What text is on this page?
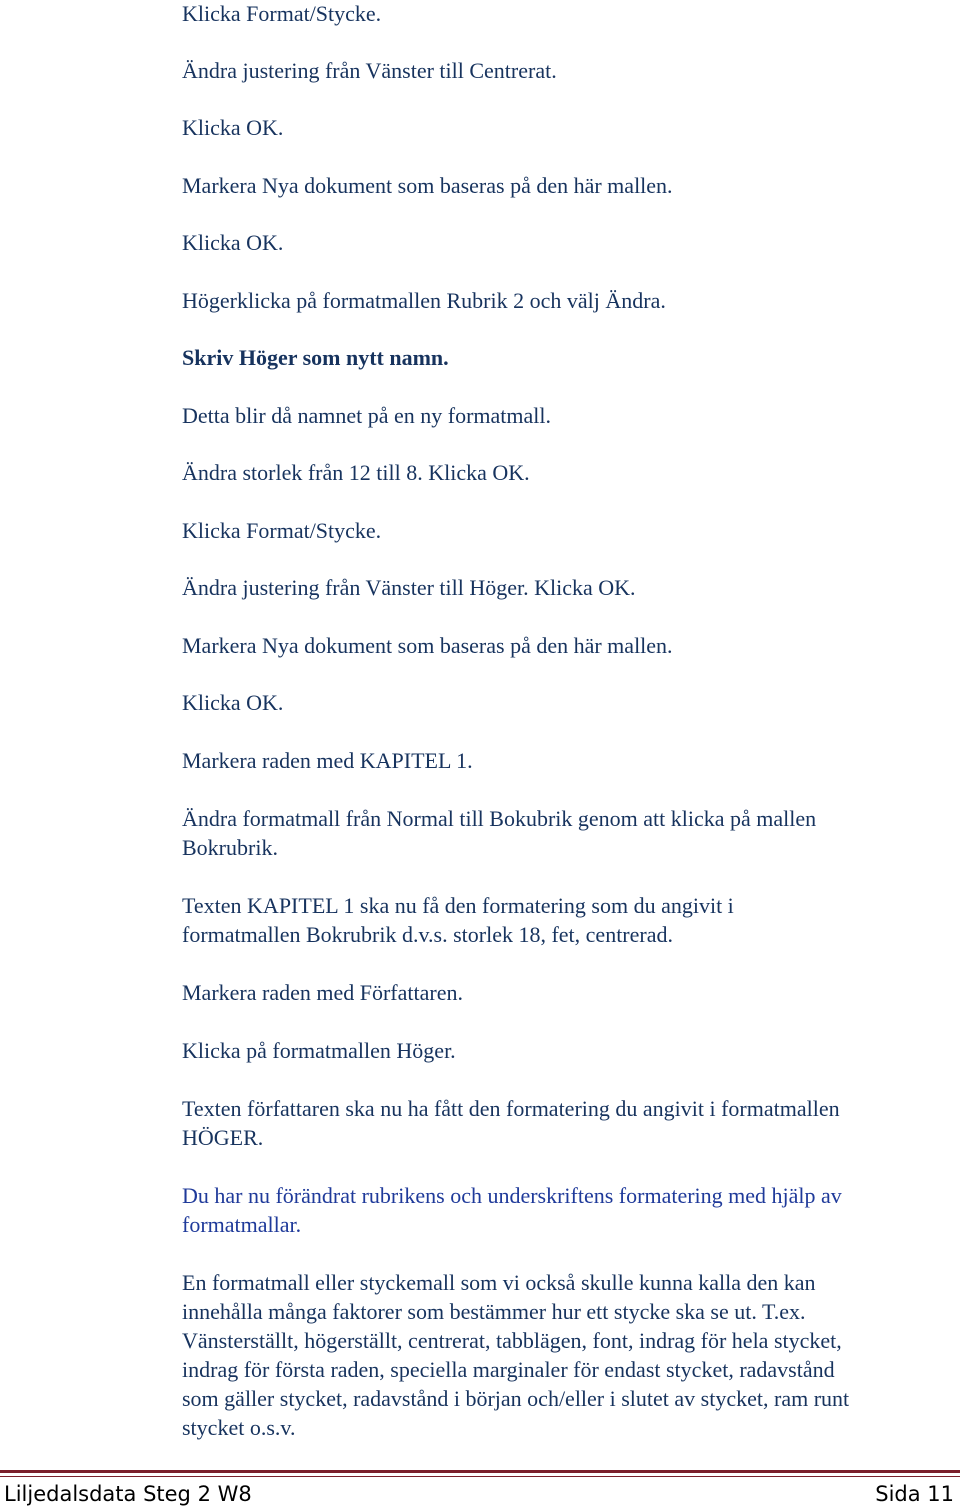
Klicka Format/Stycke.

Ändra justering från Vänster till Centrerat.

Klicka OK.

Markera Nya dokument som baseras på den här mallen.

Klicka OK.

Högerklicka på formatmallen Rubrik 2 och välj Ändra.

Skriv Höger som nytt namn.

Detta blir då namnet på en ny formatmall.

Ändra storlek från 12 till 8. Klicka OK.

Klicka Format/Stycke.

Ändra justering från Vänster till Höger. Klicka OK.

Markera Nya dokument som baseras på den här mallen.

Klicka OK.

Markera raden med KAPITEL 1.

Ändra formatmall från Normal till Bokubrik genom att klicka på mallen

Bokrubrik.

Texten KAPITEL 1 ska nu få den formatering som du angivit i

formatmallen Bokrubrik d.v.s. storlek 18, fet, centrerad.

Markera raden med Författaren.

Klicka på formatmallen Höger.

Texten författaren ska nu ha fått den formatering du angivit i formatmallen

HÖGER.

Du har nu förändrat rubrikens och underskriftens formatering med hjälp av

formatmallar.

En formatmall eller styckemall som vi också skulle kunna kalla den kan

innehålla många faktorer som bestämmer hur ett stycke ska se ut. T.ex.

Vänsterställt, högerställt, centrerat, tabblägen, font, indrag för hela stycket,

indrag för första raden, speciella marginaler för endast stycket, radavstånd

som gäller stycket, radavstånd i början och/eller i slutet av stycket, ram runt

stycket o.s.v.

Liljedalsdata Steg 2 W8	Sida 11
